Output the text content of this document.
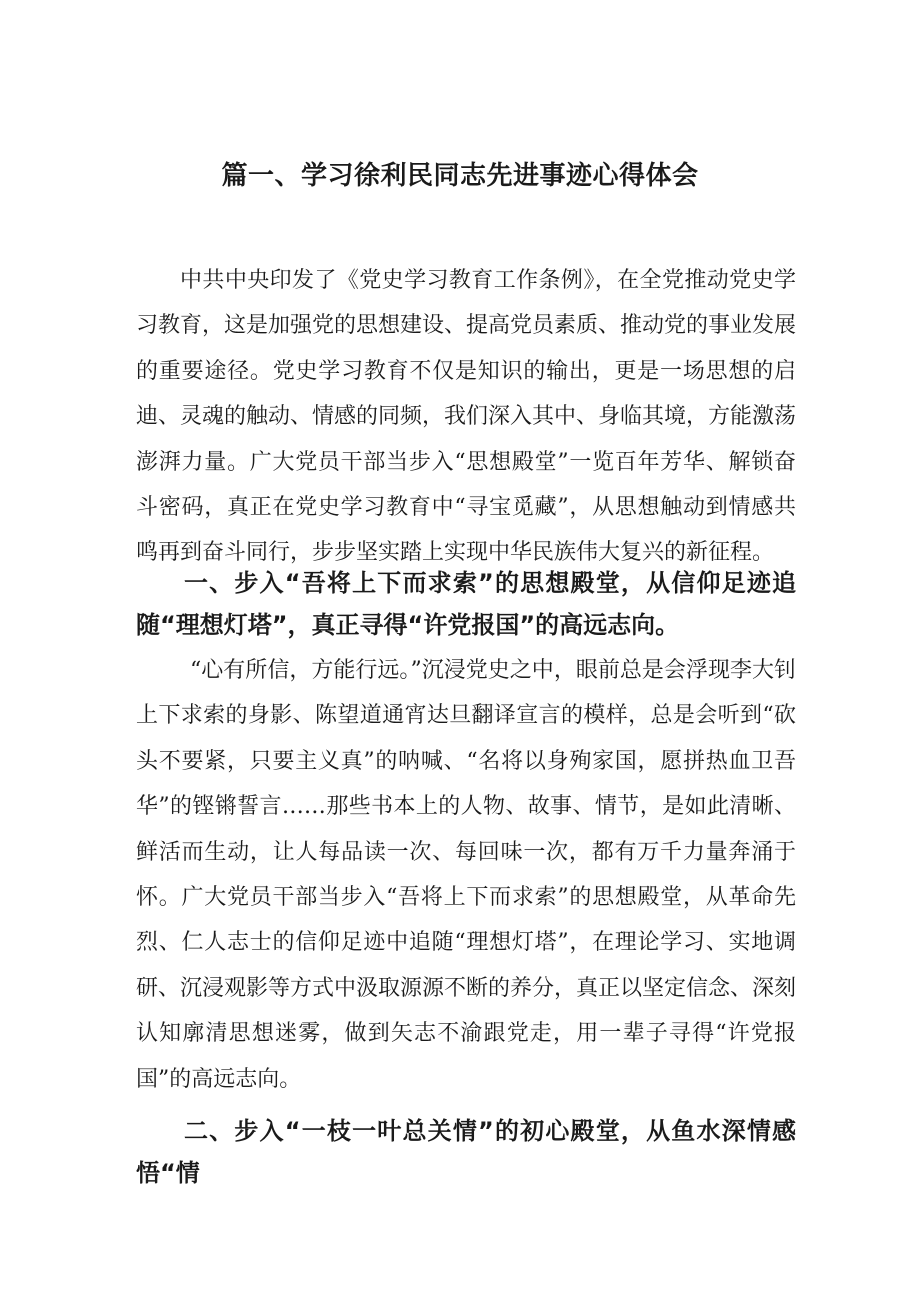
篇一、学习徐利民同志先进事迹心得体会

中共中央印发了《党史学习教育工作条例》，在全党推动党史学习教育，这是加强党的思想建设、提高党员素质、推动党的事业发展的重要途径。党史学习教育不仅是知识的输出，更是一场思想的启迪、灵魂的触动、情感的同频，我们深入其中、身临其境，方能激荡澎湃力量。广大党员干部当步入“思想殿堂”一览百年芳华、解锁奋斗密码，真正在党史学习教育中“寻宝觅藏”，从思想触动到情感共鸣再到奋斗同行，步步坚实踏上实现中华民族伟大复兴的新征程。

一、步入“吾将上下而求索”的思想殿堂，从信仰足迹追随“理想灯塔”，真正寻得“许党报国”的高远志向。

“心有所信，方能行远。”沉浸党史之中，眼前总是会浮现李大钊上下求索的身影、陈望道通宵达旦翻译宣言的模样，总是会听到“砍头不要紧，只要主义真”的呐喊、“名将以身殉家国，愿拼热血卫吾华”的铿锵誓言……那些书本上的人物、故事、情节，是如此清晰、鲜活而生动，让人每品读一次、每回味一次，都有万千力量奔涌于怀。广大党员干部当步入“吾将上下而求索”的思想殿堂，从革命先烈、仁人志士的信仰足迹中追随“理想灯塔”，在理论学习、实地调研、沉浸观影等方式中汲取源源不断的养分，真正以坚定信念、深刻认知廓清思想迷雾，做到矢志不渝跟党走，用一辈子寻得“许党报国”的高远志向。

二、步入“一枝一叶总关情”的初心殿堂，从鱼水深情感悟“情
